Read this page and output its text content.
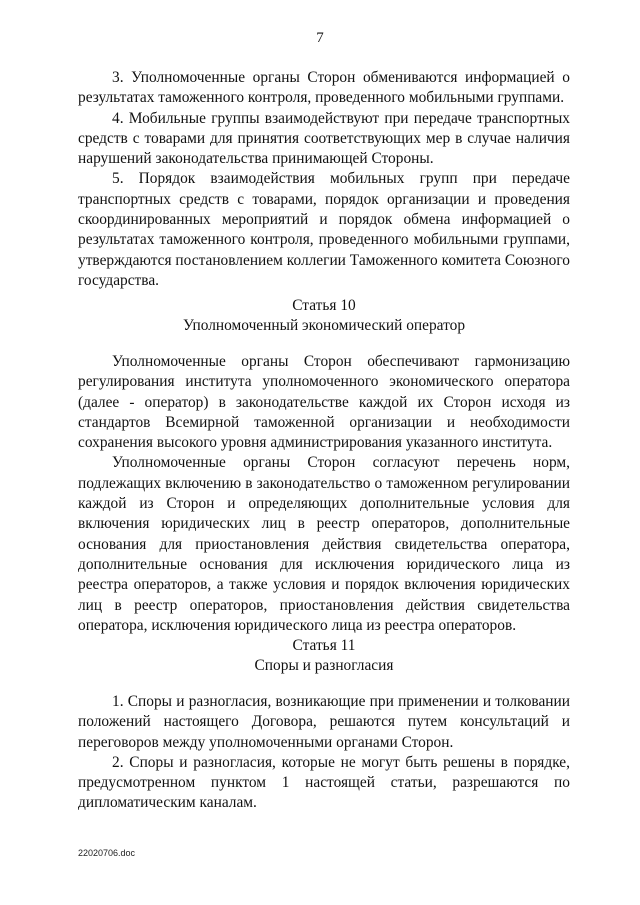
7

3. Уполномоченные органы Сторон обмениваются информацией о результатах таможенного контроля, проведенного мобильными группами.

4. Мобильные группы взаимодействуют при передаче транспортных средств с товарами для принятия соответствующих мер в случае наличия нарушений законодательства принимающей Стороны.

5. Порядок взаимодействия мобильных групп при передаче транспортных средств с товарами, порядок организации и проведения скоординированных мероприятий и порядок обмена информацией о результатах таможенного контроля, проведенного мобильными группами, утверждаются постановлением коллегии Таможенного комитета Союзного государства.

Статья 10

Уполномоченный экономический оператор

Уполномоченные органы Сторон обеспечивают гармонизацию регулирования института уполномоченного экономического оператора (далее - оператор) в законодательстве каждой их Сторон исходя из стандартов Всемирной таможенной организации и необходимости сохранения высокого уровня администрирования указанного института.

Уполномоченные органы Сторон согласуют перечень норм, подлежащих включению в законодательство о таможенном регулировании каждой из Сторон и определяющих дополнительные условия для включения юридических лиц в реестр операторов, дополнительные основания для приостановления действия свидетельства оператора, дополнительные основания для исключения юридического лица из реестра операторов, а также условия и порядок включения юридических лиц в реестр операторов, приостановления действия свидетельства оператора, исключения юридического лица из реестра операторов.

Статья 11

Споры и разногласия

1. Споры и разногласия, возникающие при применении и толковании положений настоящего Договора, решаются путем консультаций и переговоров между уполномоченными органами Сторон.

2. Споры и разногласия, которые не могут быть решены в порядке, предусмотренном пунктом 1 настоящей статьи, разрешаются по дипломатическим каналам.

22020706.doc
